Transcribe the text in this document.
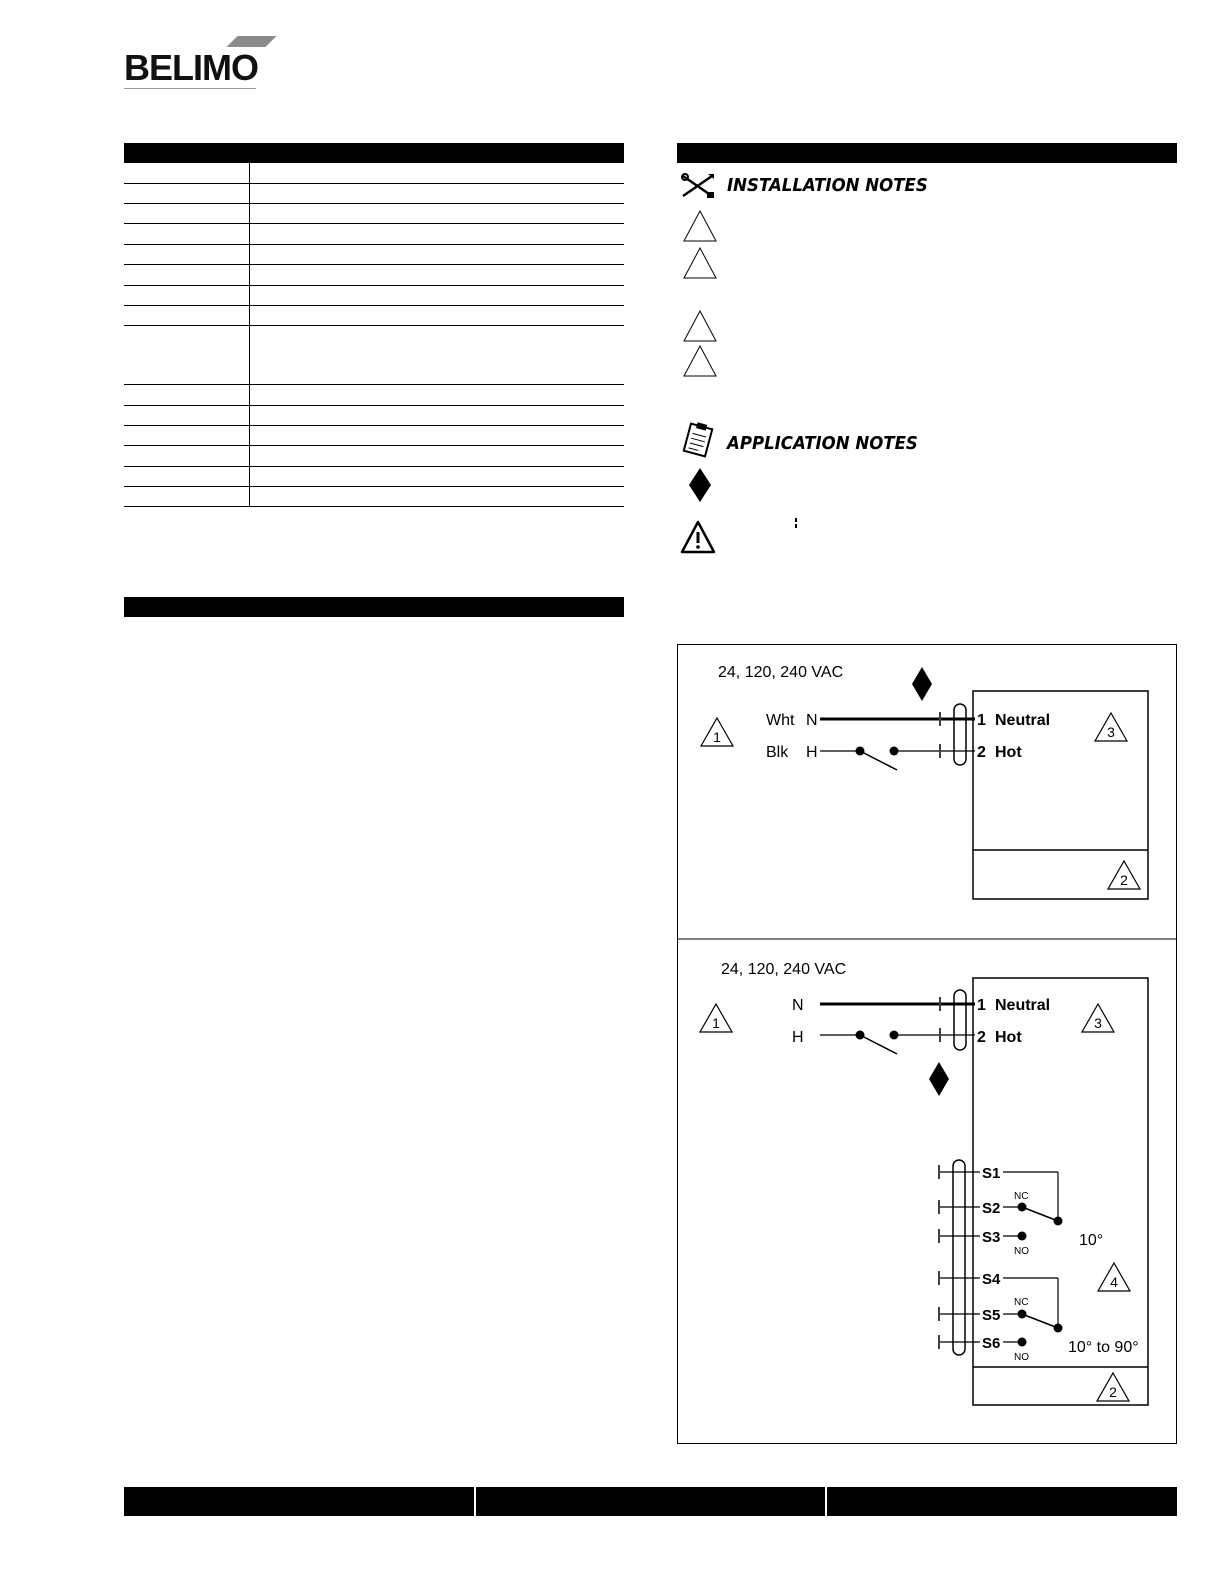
BELIMO
INSTALLATION NOTES
APPLICATION NOTES
24, 120, 240 VAC
1
Wht N
Blk H
1 Neutral
2 Hot
3
2
24, 120, 240 VAC
1
N
H
1 Neutral
2 Hot
3
S1
S2
NC
S3
NO
10°
S4
S5
NC
S6
NO
4
10° to 90°
2
